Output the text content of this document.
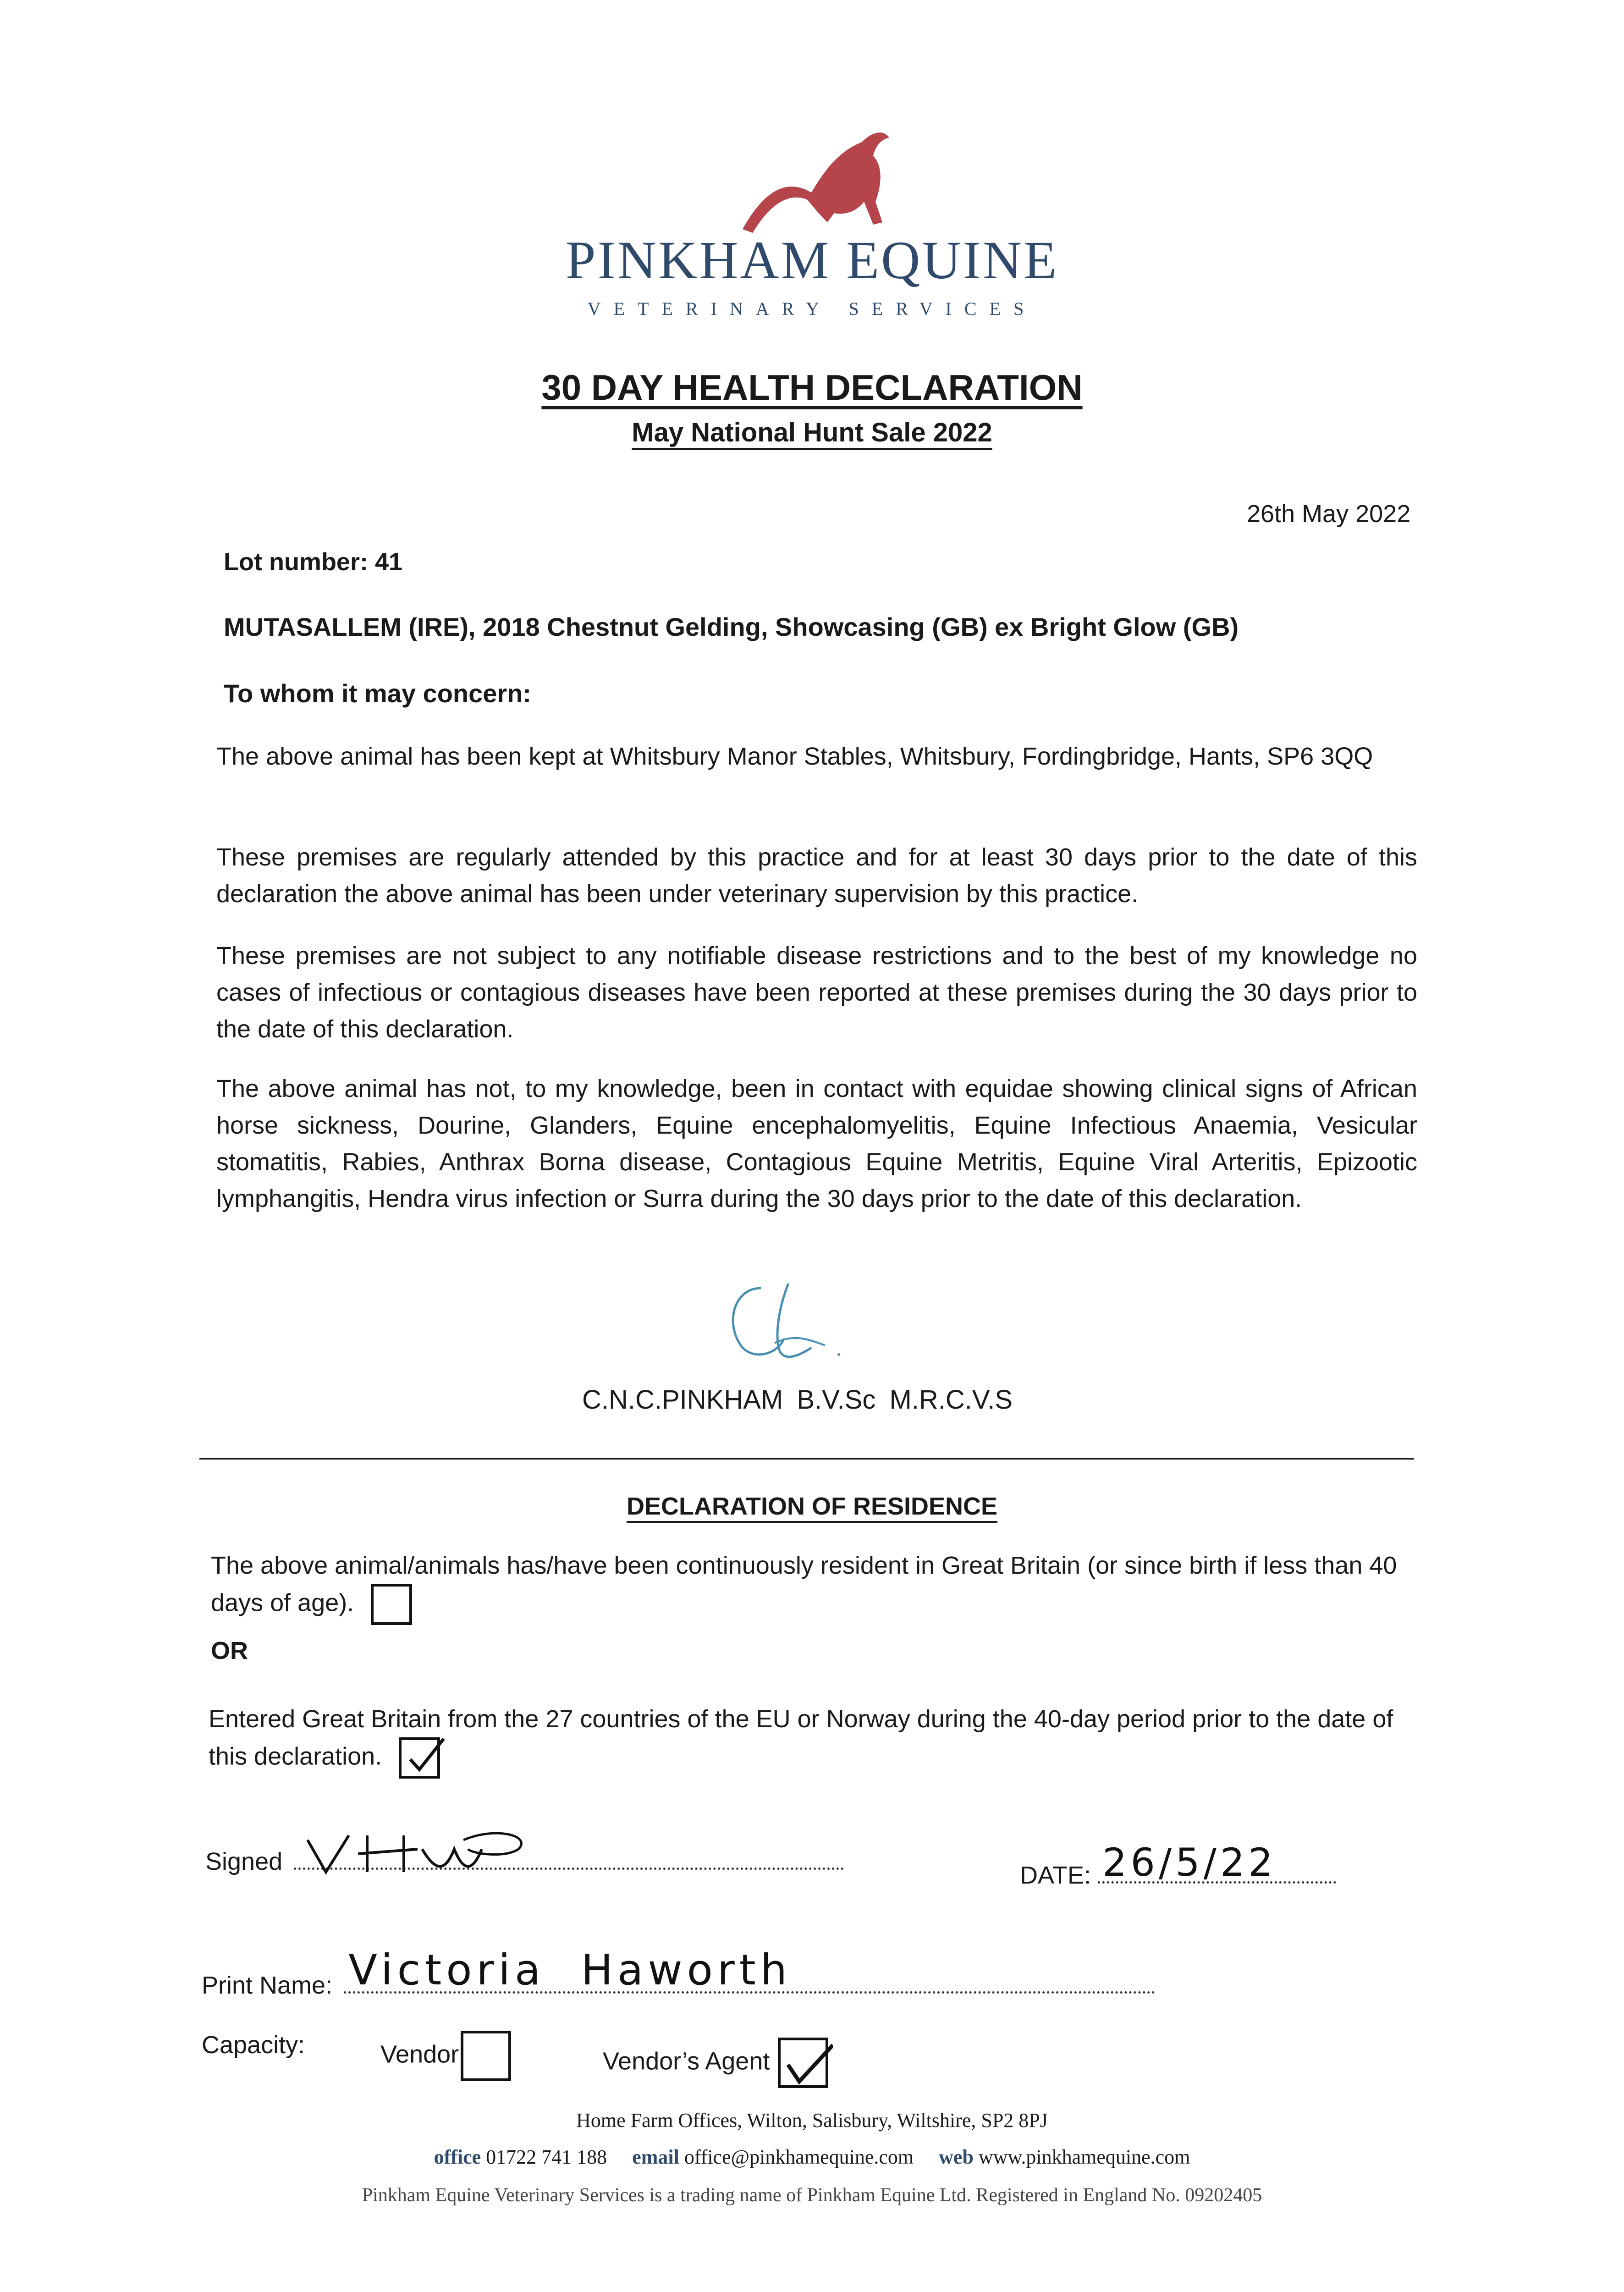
PINKHAM EQUINE
VETERINARY SERVICES
30 DAY HEALTH DECLARATION
May National Hunt Sale 2022
26th May 2022
Lot number: 41
MUTASALLEM (IRE), 2018 Chestnut Gelding, Showcasing (GB) ex Bright Glow (GB)
To whom it may concern:
The above animal has been kept at Whitsbury Manor Stables, Whitsbury, Fordingbridge, Hants, SP6 3QQ
These premises are regularly attended by this practice and for at least 30 days prior to the date of this declaration the above animal has been under veterinary supervision by this practice.
These premises are not subject to any notifiable disease restrictions and to the best of my knowledge no cases of infectious or contagious diseases have been reported at these premises during the 30 days prior to the date of this declaration.
The above animal has not, to my knowledge, been in contact with equidae showing clinical signs of African horse sickness, Dourine, Glanders, Equine encephalomyelitis, Equine Infectious Anaemia, Vesicular stomatitis, Rabies, Anthrax Borna disease, Contagious Equine Metritis, Equine Viral Arteritis, Epizootic lymphangitis, Hendra virus infection or Surra during the 30 days prior to the date of this declaration.
C.N.C.PINKHAM B.V.Sc M.R.C.V.S
DECLARATION OF RESIDENCE
The above animal/animals has/have been continuously resident in Great Britain (or since birth if less than 40 days of age).
OR
Entered Great Britain from the 27 countries of the EU or Norway during the 40-day period prior to the date of this declaration.
Signed	DATE: 26/5/22
Print Name: Victoria  Haworth
Capacity:	Vendor	Vendor’s Agent
Home Farm Offices, Wilton, Salisbury, Wiltshire, SP2 8PJ
office 01722 741 188 email office@pinkhamequine.com web www.pinkhamequine.com
Pinkham Equine Veterinary Services is a trading name of Pinkham Equine Ltd. Registered in England No. 09202405
